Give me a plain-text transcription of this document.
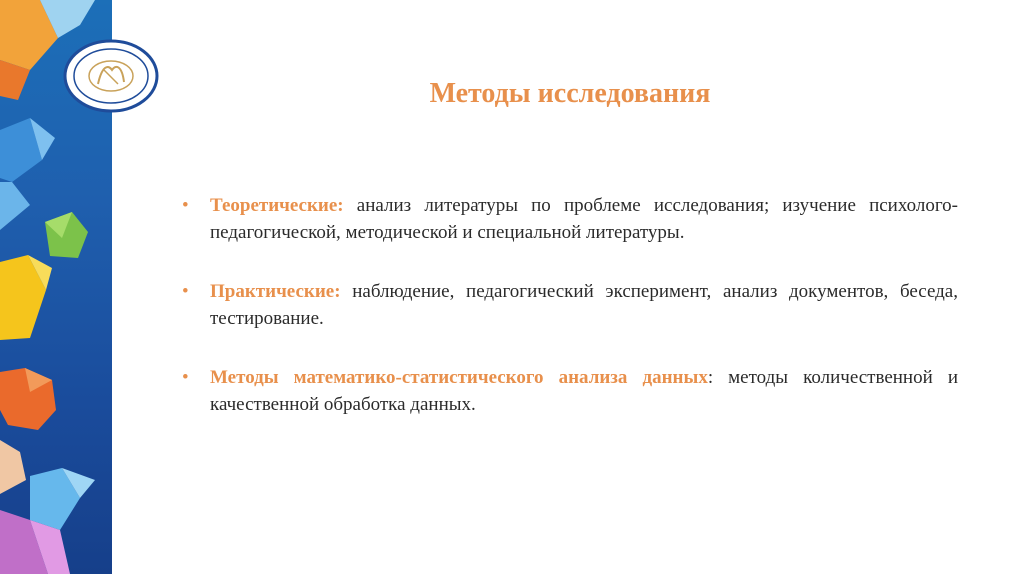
Методы исследования
• Теоретические: анализ литературы по проблеме исследования; изучение психолого-педагогической, методической и специальной литературы.
• Практические: наблюдение, педагогический эксперимент, анализ документов, беседа, тестирование.
• Методы математико-статистического анализа данных: методы количественной и качественной обработка данных.
